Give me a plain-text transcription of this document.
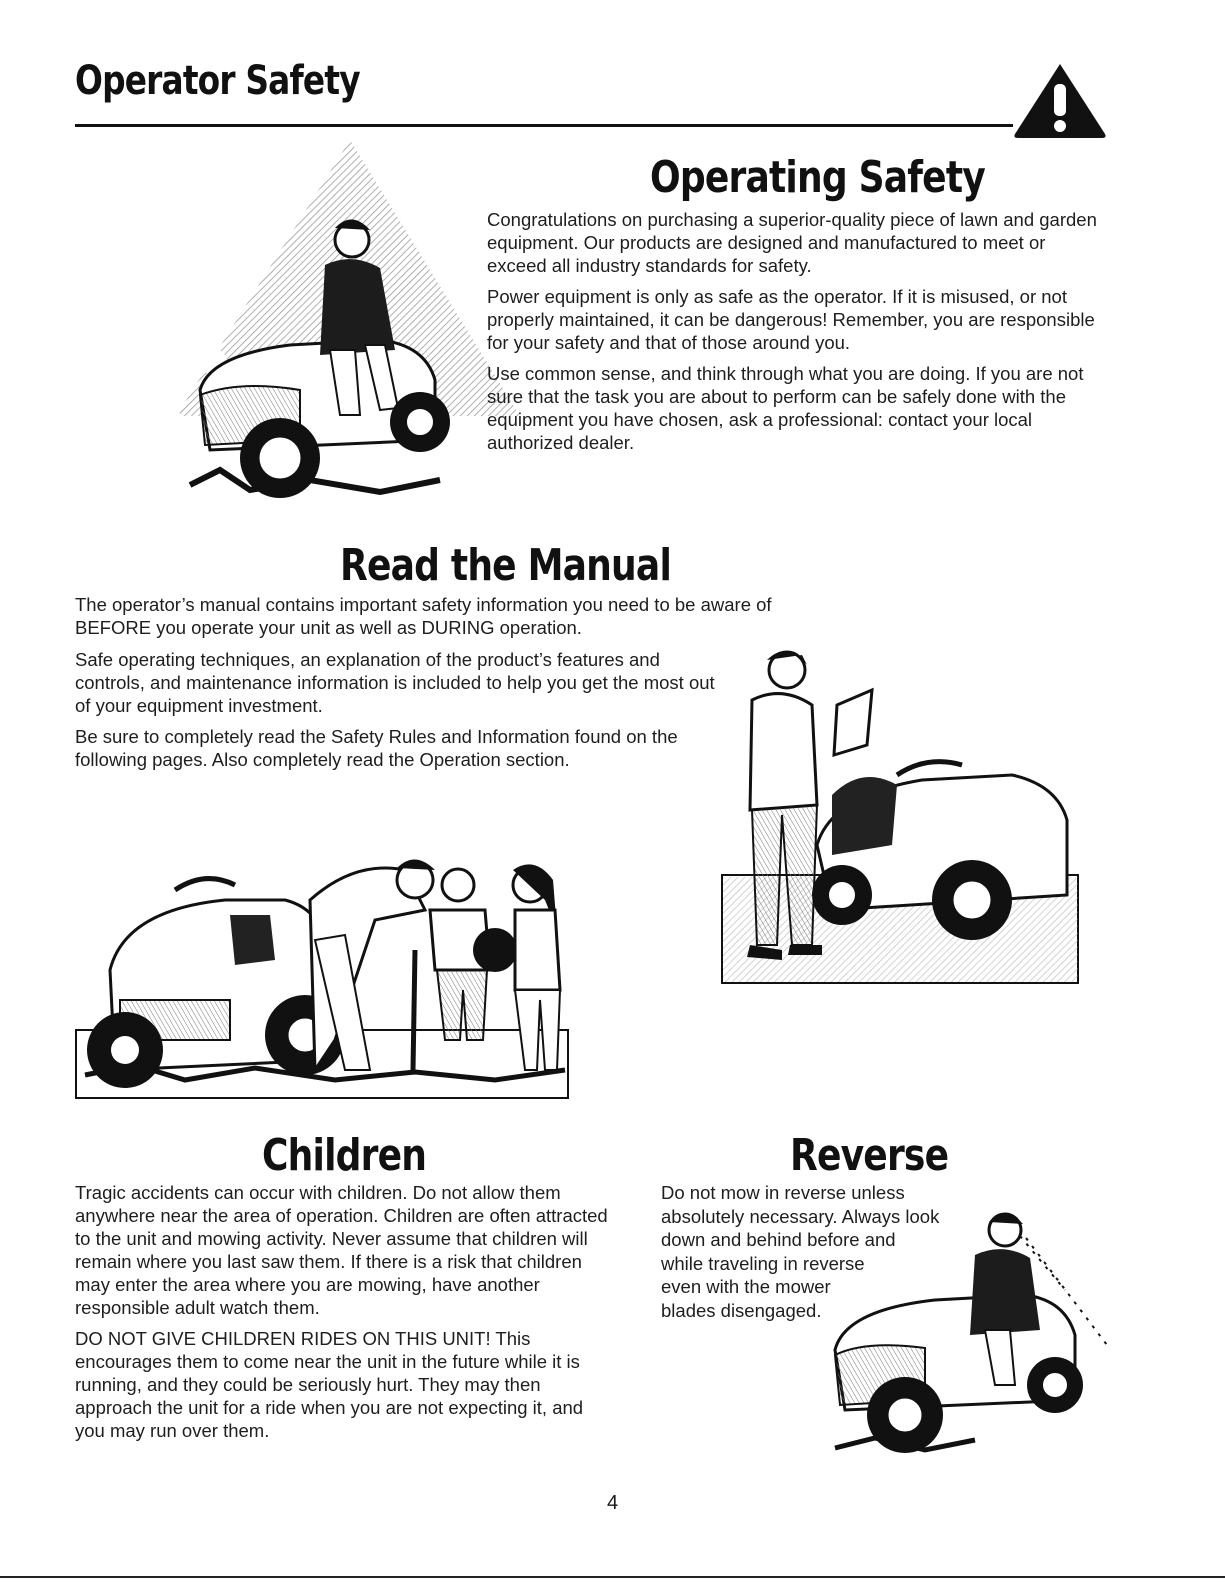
Operator Safety
Operating Safety

Congratulations on purchasing a superior-quality piece of lawn and garden equipment. Our products are designed and manufactured to meet or exceed all industry standards for safety.

Power equipment is only as safe as the operator. If it is misused, or not properly maintained, it can be dangerous! Remember, you are responsible for your safety and that of those around you.

Use common sense, and think through what you are doing. If you are not sure that the task you are about to perform can be safely done with the equipment you have chosen, ask a professional: contact your local authorized dealer.

Read the Manual

The operator’s manual contains important safety information you need to be aware of BEFORE you operate your unit as well as DURING operation.

Safe operating techniques, an explanation of the product’s features and controls, and maintenance information is included to help you get the most out of your equipment investment.

Be sure to completely read the Safety Rules and Information found on the following pages. Also completely read the Operation section.

Children

Tragic accidents can occur with children. Do not allow them anywhere near the area of operation. Children are often attracted to the unit and mowing activity. Never assume that children will remain where you last saw them. If there is a risk that children may enter the area where you are mowing, have another responsible adult watch them.

DO NOT GIVE CHILDREN RIDES ON THIS UNIT! This encourages them to come near the unit in the future while it is running, and they could be seriously hurt. They may then approach the unit for a ride when you are not expecting it, and you may run over them.

Reverse
Do not mow in reverse unless
absolutely necessary. Always look
down and behind before and
while traveling in reverse
even with the mower
blades disengaged.
4
